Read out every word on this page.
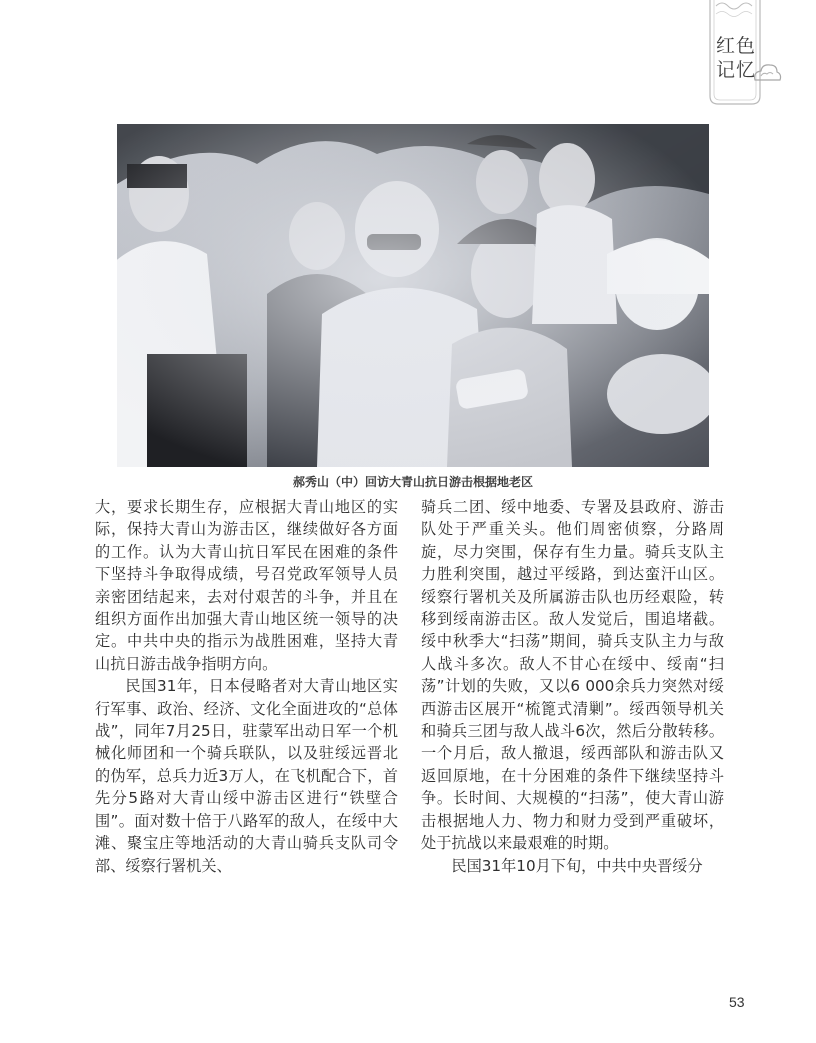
红色记忆
郝秀山（中）回访大青山抗日游击根据地老区

大，要求长期生存，应根据大青山地区的实际，保持大青山为游击区，继续做好各方面的工作。认为大青山抗日军民在困难的条件下坚持斗争取得成绩，号召党政军领导人员亲密团结起来，去对付艰苦的斗争，并且在组织方面作出加强大青山地区统一领导的决定。中共中央的指示为战胜困难，坚持大青山抗日游击战争指明方向。

民国31年，日本侵略者对大青山地区实行军事、政治、经济、文化全面进攻的“总体战”，同年7月25日，驻蒙军出动日军一个机械化师团和一个骑兵联队，以及驻绥远晋北的伪军，总兵力近3万人，在飞机配合下，首先分5路对大青山绥中游击区进行“铁壁合围”。面对数十倍于八路军的敌人，在绥中大滩、聚宝庄等地活动的大青山骑兵支队司令部、绥察行署机关、

骑兵二团、绥中地委、专署及县政府、游击队处于严重关头。他们周密侦察，分路周旋，尽力突围，保存有生力量。骑兵支队主力胜利突围，越过平绥路，到达蛮汗山区。绥察行署机关及所属游击队也历经艰险，转移到绥南游击区。敌人发觉后，围追堵截。绥中秋季大“扫荡”期间，骑兵支队主力与敌人战斗多次。敌人不甘心在绥中、绥南“扫荡”计划的失败，又以6 000余兵力突然对绥西游击区展开“梳篦式清剿”。绥西领导机关和骑兵三团与敌人战斗6次，然后分散转移。一个月后，敌人撤退，绥西部队和游击队又返回原地，在十分困难的条件下继续坚持斗争。长时间、大规模的“扫荡”，使大青山游击根据地人力、物力和财力受到严重破坏，处于抗战以来最艰难的时期。

民国31年10月下旬，中共中央晋绥分

53
